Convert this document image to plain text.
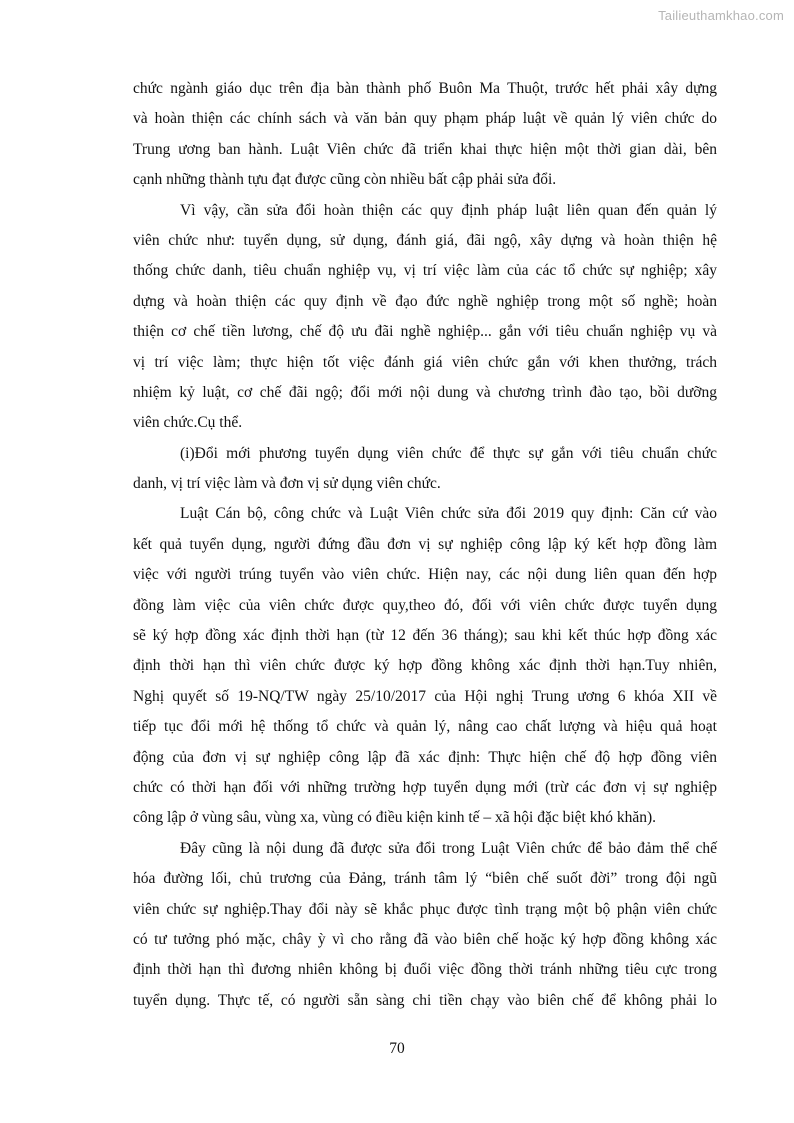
Tailieuthamkhao.com
chức ngành giáo dục trên địa bàn thành phố Buôn Ma Thuột, trước hết phải xây dựng
và hoàn thiện các chính sách và văn bản quy phạm pháp luật về quản lý viên chức do
Trung ương ban hành. Luật Viên chức đã triển khai thực hiện một thời gian dài, bên
cạnh những thành tựu đạt được cũng còn nhiều bất cập phải sửa đổi.
Vì vậy, cần sửa đổi hoàn thiện các quy định pháp luật liên quan đến quản lý
viên chức như: tuyển dụng, sử dụng, đánh giá, đãi ngộ, xây dựng và hoàn thiện hệ
thống chức danh, tiêu chuẩn nghiệp vụ, vị trí việc làm của các tổ chức sự nghiệp; xây
dựng và hoàn thiện các quy định về đạo đức nghề nghiệp trong một số nghề; hoàn
thiện cơ chế tiền lương, chế độ ưu đãi nghề nghiệp... gắn với tiêu chuẩn nghiệp vụ và
vị trí việc làm; thực hiện tốt việc đánh giá viên chức gắn với khen thưởng, trách
nhiệm kỷ luật, cơ chế đãi ngộ; đổi mới nội dung và chương trình đào tạo, bồi dưỡng
viên chức.Cụ thể.
(i)Đổi mới phương tuyển dụng viên chức để thực sự gắn với tiêu chuẩn chức
danh, vị trí việc làm và đơn vị sử dụng viên chức.
Luật Cán bộ, công chức và Luật Viên chức sửa đổi 2019 quy định: Căn cứ vào
kết quả tuyển dụng, người đứng đầu đơn vị sự nghiệp công lập ký kết hợp đồng làm
việc với người trúng tuyển vào viên chức. Hiện nay, các nội dung liên quan đến hợp
đồng làm việc của viên chức được quy,theo đó, đối với viên chức được tuyển dụng
sẽ ký hợp đồng xác định thời hạn (từ 12 đến 36 tháng); sau khi kết thúc hợp đồng xác
định thời hạn thì viên chức được ký hợp đồng không xác định thời hạn.Tuy nhiên,
Nghị quyết số 19-NQ/TW ngày 25/10/2017 của Hội nghị Trung ương 6 khóa XII về
tiếp tục đổi mới hệ thống tổ chức và quản lý, nâng cao chất lượng và hiệu quả hoạt
động của đơn vị sự nghiệp công lập đã xác định: Thực hiện chế độ hợp đồng viên
chức có thời hạn đối với những trường hợp tuyển dụng mới (trừ các đơn vị sự nghiệp
công lập ở vùng sâu, vùng xa, vùng có điều kiện kinh tế – xã hội đặc biệt khó khăn).
Đây cũng là nội dung đã được sửa đổi trong Luật Viên chức để bảo đảm thể chế
hóa đường lối, chủ trương của Đảng, tránh tâm lý “biên chế suốt đời” trong đội ngũ
viên chức sự nghiệp.Thay đổi này sẽ khắc phục được tình trạng một bộ phận viên chức
có tư tưởng phó mặc, chây ỳ vì cho rằng đã vào biên chế hoặc ký hợp đồng không xác
định thời hạn thì đương nhiên không bị đuổi việc đồng thời tránh những tiêu cực trong
tuyển dụng. Thực tế, có người sẵn sàng chi tiền chạy vào biên chế để không phải lo
70
